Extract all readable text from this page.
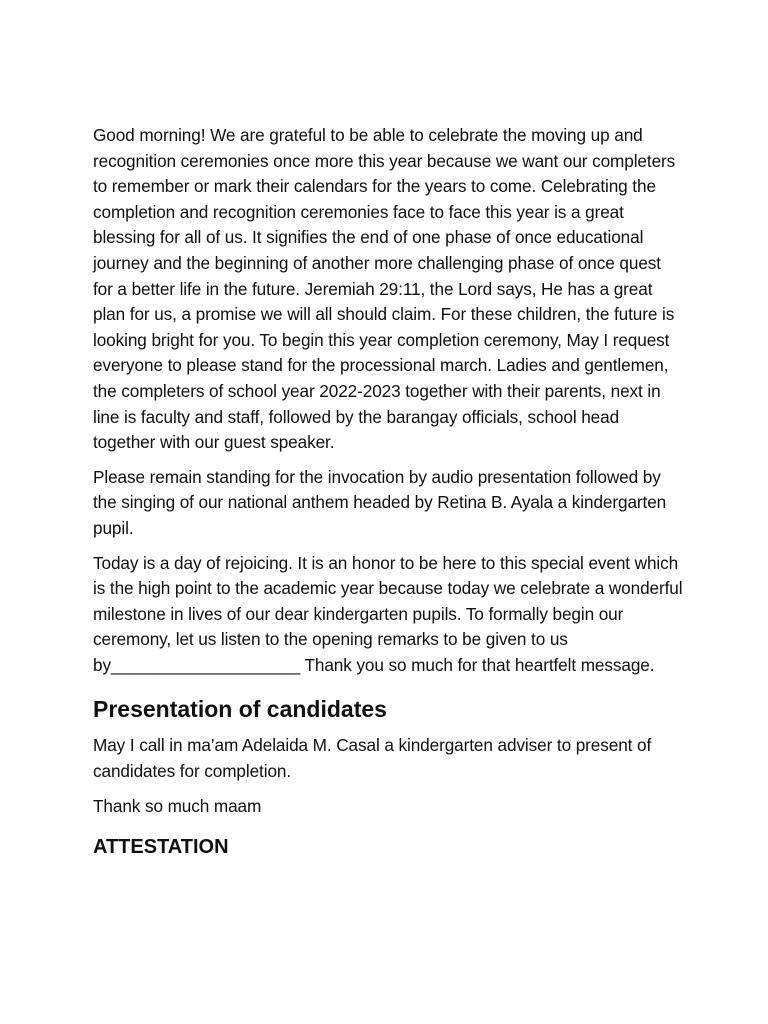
Good morning! We are grateful to be able to celebrate the moving up and recognition ceremonies once more this year because we want our completers to remember or mark their calendars for the years to come. Celebrating the completion and recognition ceremonies face to face this year is a great blessing for all of us. It signifies the end of one phase of once educational journey and the beginning of another more challenging phase of once quest for a better life in the future. Jeremiah 29:11, the Lord says, He has a great plan for us, a promise we will all should claim. For these children, the future is looking bright for you. To begin this year completion ceremony, May I request everyone to please stand for the processional march. Ladies and gentlemen, the completers of school year 2022-2023 together with their parents, next in line is faculty and staff, followed by the barangay officials, school head together with our guest speaker.

Please remain standing for the invocation by audio presentation followed by the singing of our national anthem headed by Retina B. Ayala a kindergarten pupil.

Today is a day of rejoicing. It is an honor to be here to this special event which is the high point to the academic year because today we celebrate a wonderful milestone in lives of our dear kindergarten pupils. To formally begin our ceremony, let us listen to the opening remarks to be given to us by____________________ Thank you so much for that heartfelt message.

Presentation of candidates

May I call in ma’am Adelaida M. Casal a kindergarten adviser to present of candidates for completion.

Thank so much maam

ATTESTATION
